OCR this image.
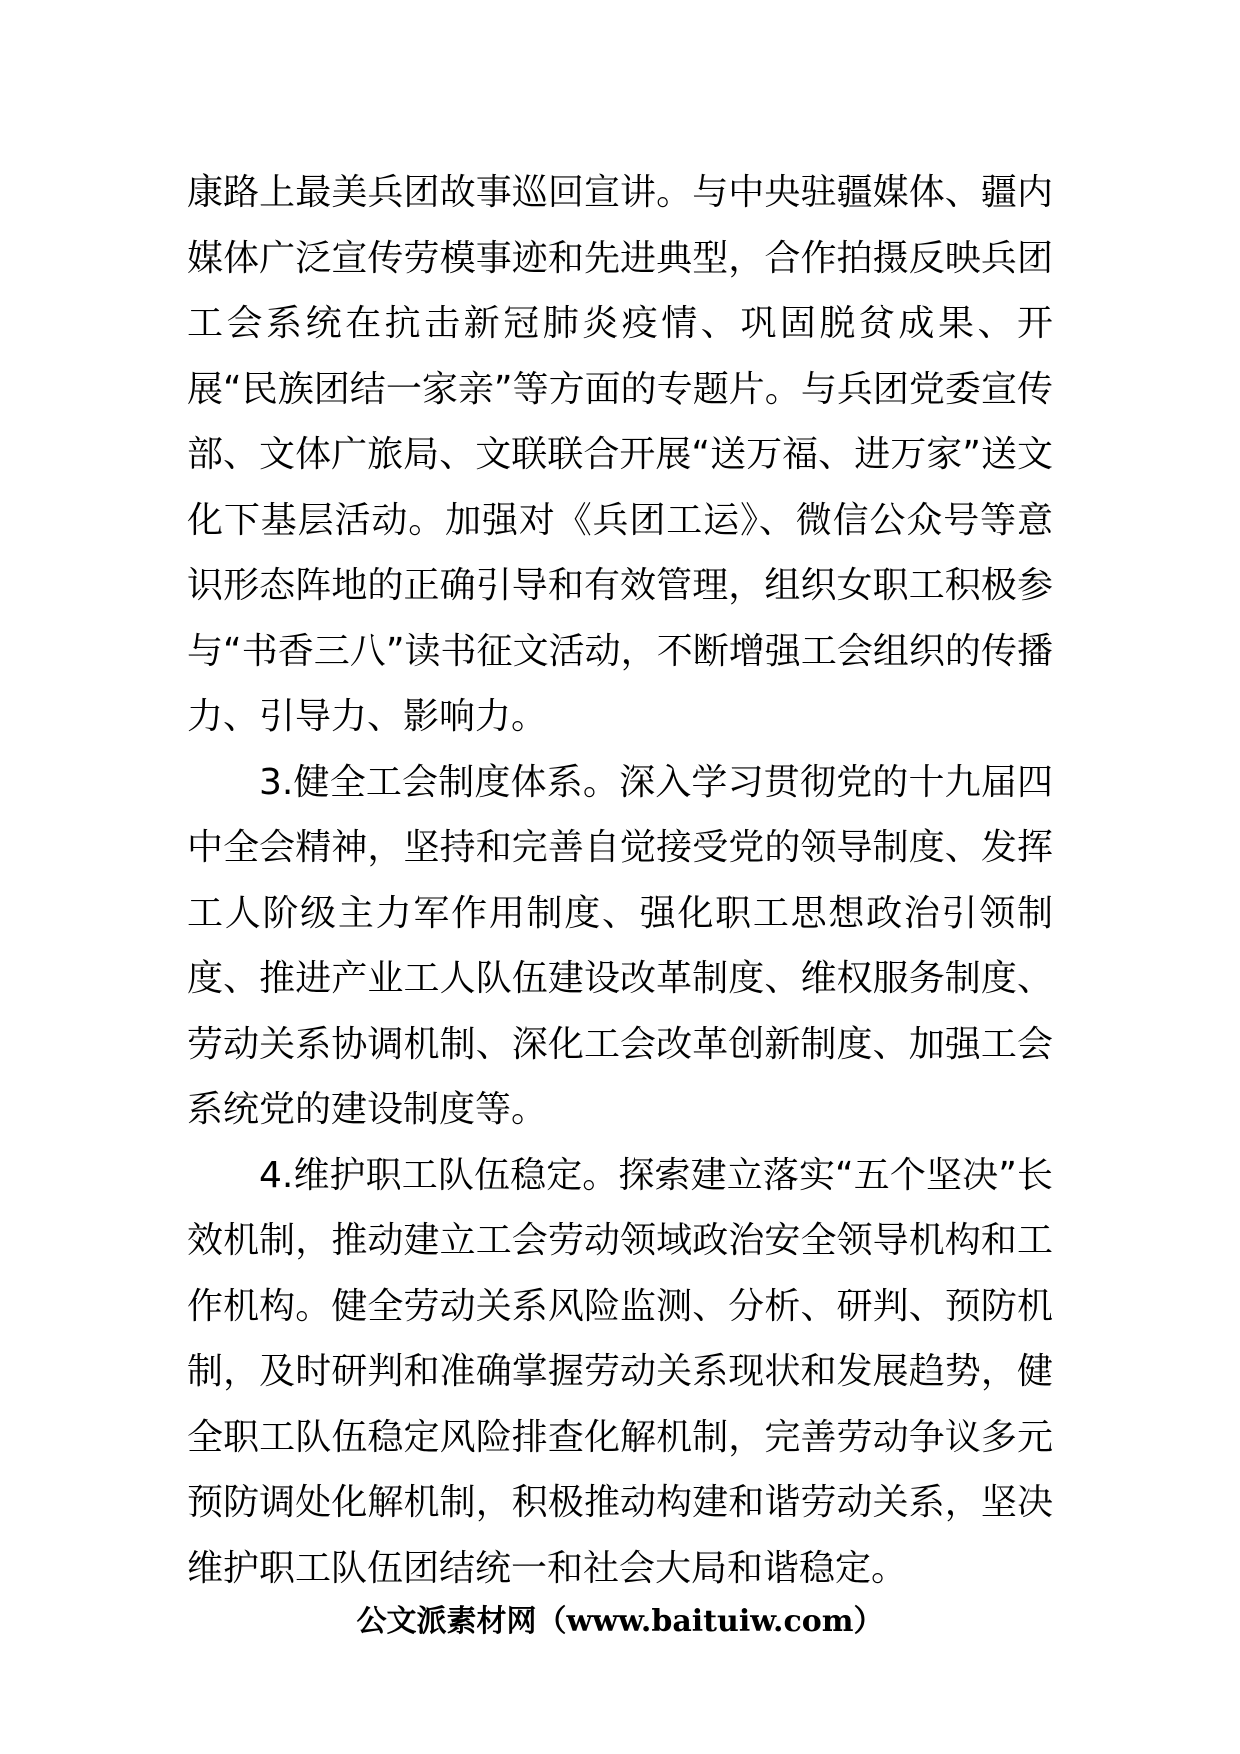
康路上最美兵团故事巡回宣讲。与中央驻疆媒体、疆内媒体广泛宣传劳模事迹和先进典型，合作拍摄反映兵团工会系统在抗击新冠肺炎疫情、巩固脱贫成果、开展“民族团结一家亲”等方面的专题片。与兵团党委宣传部、文体广旅局、文联联合开展“送万福、进万家”送文化下基层活动。加强对《兵团工运》、微信公众号等意识形态阵地的正确引导和有效管理，组织女职工积极参与“书香三八”读书征文活动，不断增强工会组织的传播力、引导力、影响力。

3.健全工会制度体系。深入学习贯彻党的十九届四中全会精神，坚持和完善自觉接受党的领导制度、发挥工人阶级主力军作用制度、强化职工思想政治引领制度、推进产业工人队伍建设改革制度、维权服务制度、劳动关系协调机制、深化工会改革创新制度、加强工会系统党的建设制度等。

4.维护职工队伍稳定。探索建立落实“五个坚决”长效机制，推动建立工会劳动领域政治安全领导机构和工作机构。健全劳动关系风险监测、分析、研判、预防机制，及时研判和准确掌握劳动关系现状和发展趋势，健全职工队伍稳定风险排查化解机制，完善劳动争议多元预防调处化解机制，积极推动构建和谐劳动关系，坚决维护职工队伍团结统一和社会大局和谐稳定。

公文派素材网（www.baituiw.com）
